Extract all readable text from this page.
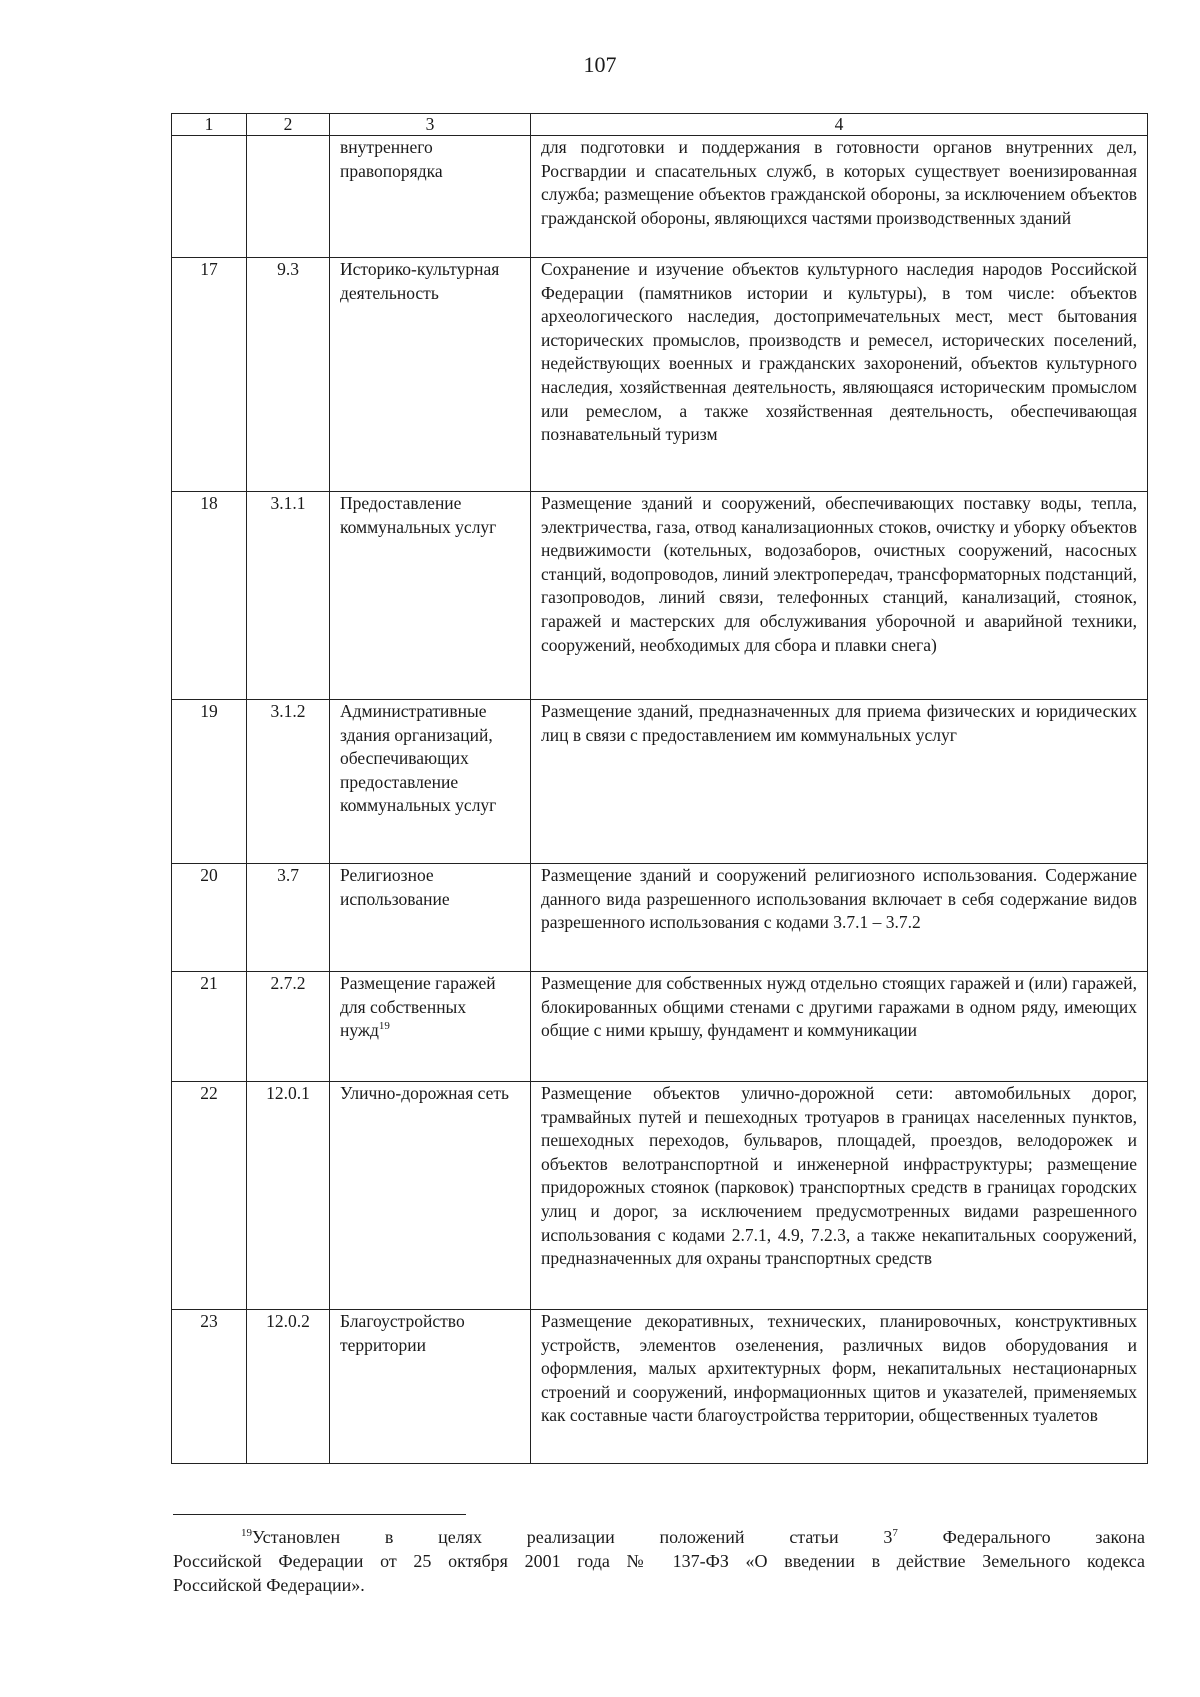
107
1	2	3	4
		внутреннего правопорядка	для подготовки и поддержания в готовности органов внутренних дел, Росгвардии и спасательных служб, в которых существует военизированная служба; размещение объектов гражданской обороны, за исключением объектов гражданской обороны, являющихся частями производственных зданий
17	9.3	Историко-культурная деятельность	Сохранение и изучение объектов культурного наследия народов Российской Федерации (памятников истории и культуры), в том числе: объектов археологического наследия, достопримечательных мест, мест бытования исторических промыслов, производств и ремесел, исторических поселений, недействующих военных и гражданских захоронений, объектов культурного наследия, хозяйственная деятельность, являющаяся историческим промыслом или ремеслом, а также хозяйственная деятельность, обеспечивающая познавательный туризм
18	3.1.1	Предоставление коммунальных услуг	Размещение зданий и сооружений, обеспечивающих поставку воды, тепла, электричества, газа, отвод канализационных стоков, очистку и уборку объектов недвижимости (котельных, водозаборов, очистных сооружений, насосных станций, водопроводов, линий электропередач, трансформаторных подстанций, газопроводов, линий связи, телефонных станций, канализаций, стоянок, гаражей и мастерских для обслуживания уборочной и аварийной техники, сооружений, необходимых для сбора и плавки снега)
19	3.1.2	Административные здания организаций, обеспечивающих предоставление коммунальных услуг	Размещение зданий, предназначенных для приема физических и юридических лиц в связи с предоставлением им коммунальных услуг
20	3.7	Религиозное использование	Размещение зданий и сооружений религиозного использования. Содержание данного вида разрешенного использования включает в себя содержание видов разрешенного использования с кодами 3.7.1 – 3.7.2
21	2.7.2	Размещение гаражей для собственных нужд$^{19}$	Размещение для собственных нужд отдельно стоящих гаражей и (или) гаражей, блокированных общими стенами с другими гаражами в одном ряду, имеющих общие с ними крышу, фундамент и коммуникации
22	12.0.1	Улично-дорожная сеть	Размещение объектов улично-дорожной сети: автомобильных дорог, трамвайных путей и пешеходных тротуаров в границах населенных пунктов, пешеходных переходов, бульваров, площадей, проездов, велодорожек и объектов велотранспортной и инженерной инфраструктуры; размещение придорожных стоянок (парковок) транспортных средств в границах городских улиц и дорог, за исключением предусмотренных видами разрешенного использования с кодами 2.7.1, 4.9, 7.2.3, а также некапитальных сооружений, предназначенных для охраны транспортных средств
23	12.0.2	Благоустройство территории	Размещение декоративных, технических, планировочных, конструктивных устройств, элементов озеленения, различных видов оборудования и оформления, малых архитектурных форм, некапитальных нестационарных строений и сооружений, информационных щитов и указателей, применяемых как составные части благоустройства территории, общественных туалетов
$^{19}$Установлен в целях реализации положений статьи $3^7$ Федерального закона
Российской Федерации от 25 октября 2001 года № 137-ФЗ «О введении в действие Земельного кодекса
Российской Федерации».
